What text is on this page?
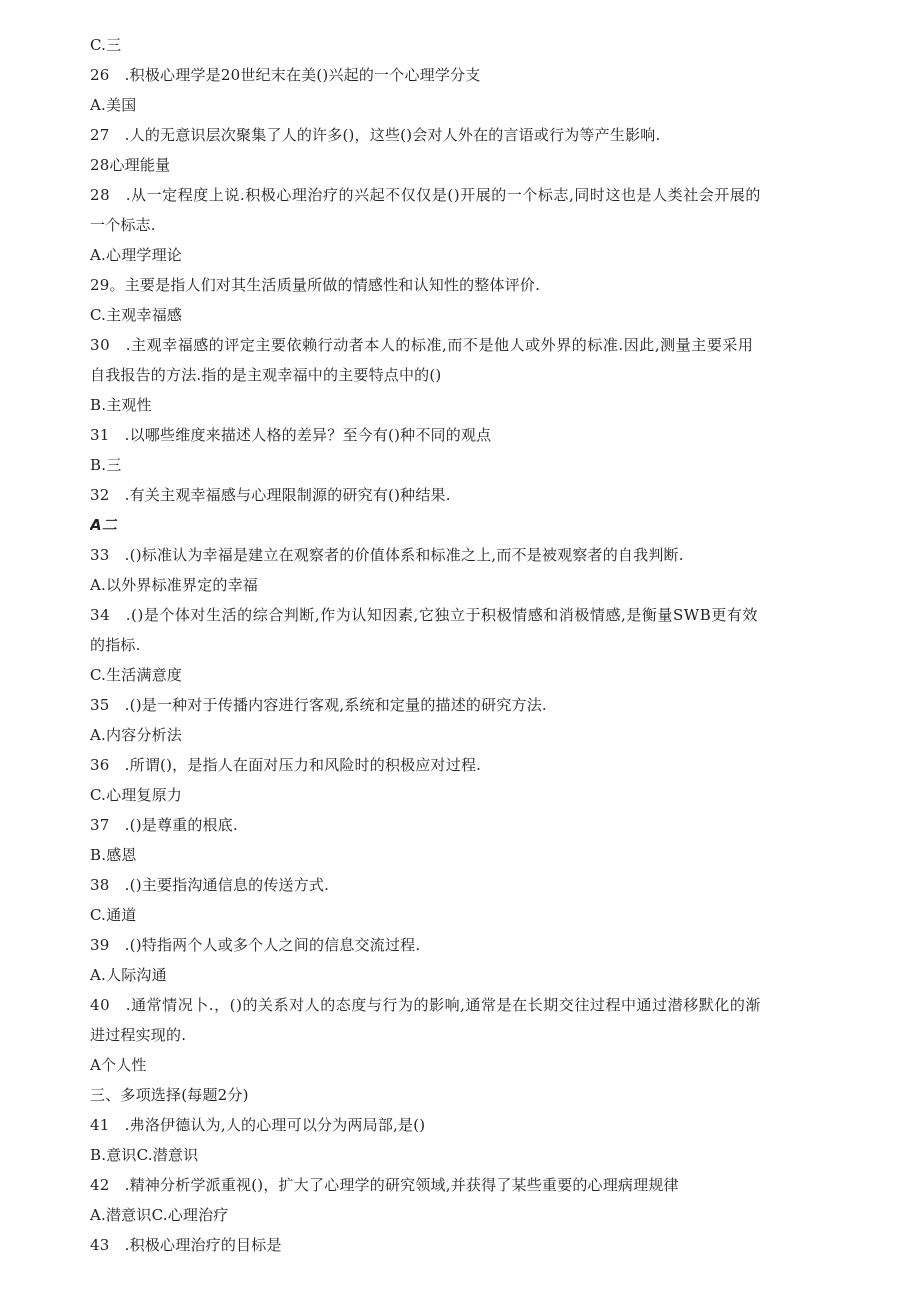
C.三
26　.积极心理学是20世纪末在美()兴起的一个心理学分支
A.美国
27　.人的无意识层次聚集了人的许多()，这些()会对人外在的言语或行为等产生影响.
28心理能量
28　.从一定程度上说.积极心理治疗的兴起不仅仅是()开展的一个标志,同时这也是人类社会开展的
一个标志.
A.心理学理论
29。主要是指人们对其生活质量所做的情感性和认知性的整体评价.
C.主观幸福感
30　.主观幸福感的评定主要依赖行动者本人的标准,而不是他人或外界的标准.因此,测量主要采用
自我报告的方法.指的是主观幸福中的主要特点中的()
B.主观性
31　.以哪些维度来描述人格的差异？至今有()种不同的观点
B.三
32　.有关主观幸福感与心理限制源的研究有()种结果.
A二
33　.()标准认为幸福是建立在观察者的价值体系和标准之上,而不是被观察者的自我判断.
A.以外界标准界定的幸福
34　.()是个体对生活的综合判断,作为认知因素,它独立于积极情感和消极情感,是衡量SWB更有效
的指标.
C.生活满意度
35　.()是一种对于传播内容进行客观,系统和定量的描述的研究方法.
A.内容分析法
36　.所谓()，是指人在面对压力和风险时的积极应对过程.
C.心理复原力
37　.()是尊重的根底.
B.感恩
38　.()主要指沟通信息的传送方式.
C.通道
39　.()特指两个人或多个人之间的信息交流过程.
A.人际沟通
40　.通常情况卜.，()的关系对人的态度与行为的影响,通常是在长期交往过程中通过潜移默化的渐
进过程实现的.
A个人性
三、多项选择(每题2分)
41　.弗洛伊德认为,人的心理可以分为两局部,是()
B.意识C.潜意识
42　.精神分析学派重视()，扩大了心理学的研究领域,并获得了某些重要的心理病理规律
A.潜意识C.心理治疗
43　.积极心理治疗的目标是
